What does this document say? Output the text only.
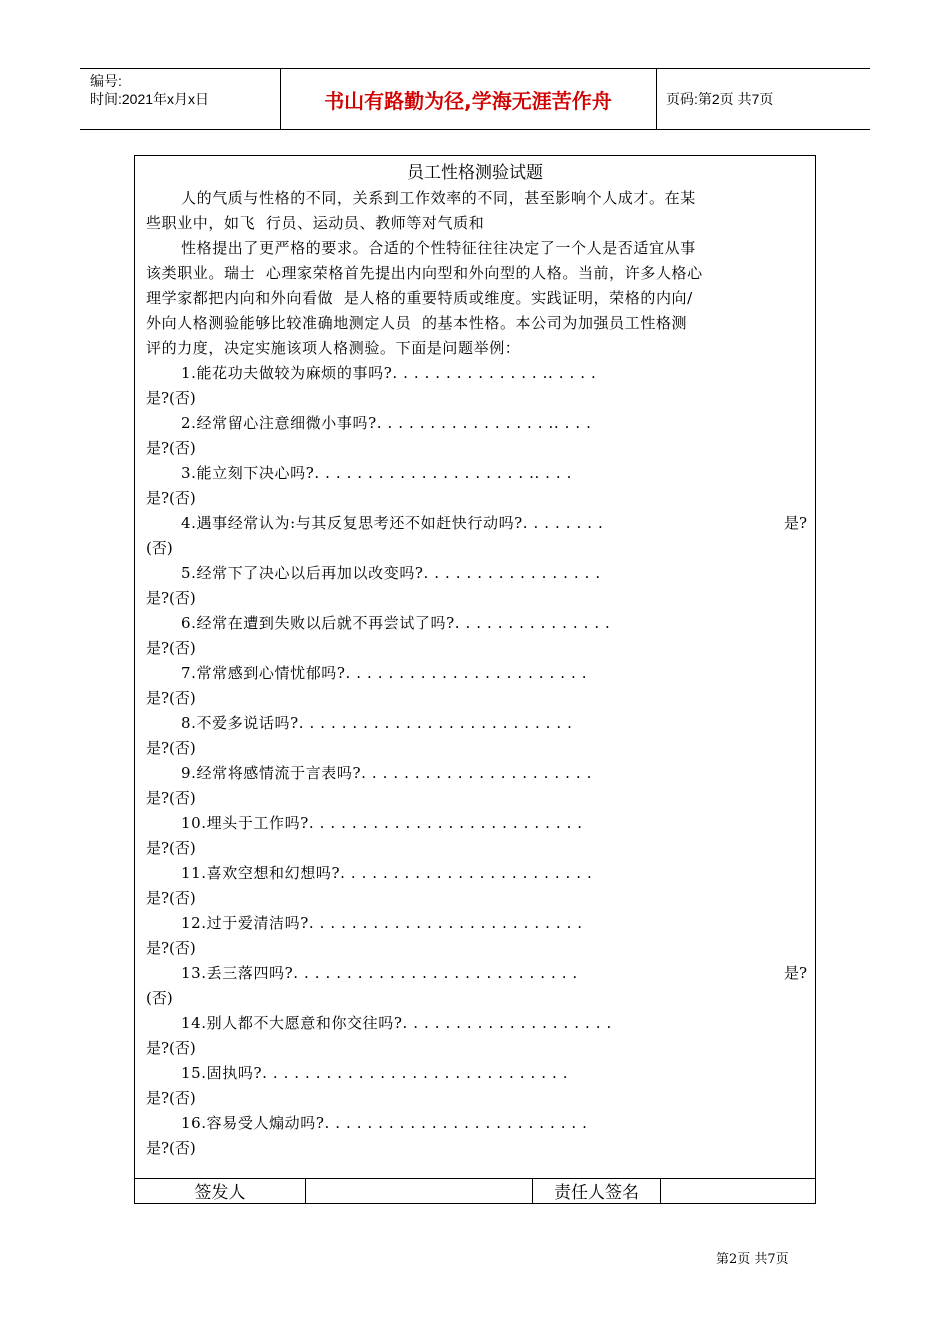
编号:
时间:2021年x月x日	书山有路勤为径,学海无涯苦作舟	页码:第2页 共7页
员工性格测验试题
人的气质与性格的不同，关系到工作效率的不同，甚至影响个人成才。在某
些职业中，如飞  行员、运动员、教师等对气质和
性格提出了更严格的要求。合适的个性特征往往决定了一个人是否适宜从事
该类职业。瑞士  心理家荣格首先提出内向型和外向型的人格。当前，许多人格心
理学家都把内向和外向看做  是人格的重要特质或维度。实践证明，荣格的内向/
外向人格测验能够比较准确地测定人员  的基本性格。本公司为加强员工性格测
评的力度，决定实施该项人格测验。下面是问题举例：
1.能花功夫做较为麻烦的事吗?. . . . . . . . . . . . . . .. . . . .
是?(否)
2.经常留心注意细微小事吗?. . . . . . . . . . . . . . . . .. . . .
是?(否)
3.能立刻下决心吗?. . . . . . . . . . . . . . . . . . . . .. . . .
是?(否)
4.遇事经常认为:与其反复思考还不如赶快行动吗?. . . . . . . .	是?
(否)
5.经常下了决心以后再加以改变吗?. . . . . . . . . . . . . . . . .
是?(否)
6.经常在遭到失败以后就不再尝试了吗?. . . . . . . . . . . . . . .
是?(否)
7.常常感到心情忧郁吗?. . . . . . . . . . . . . . . . . . . . . . .
是?(否)
8.不爱多说话吗?. . . . . . . . . . . . . . . . . . . . . . . . . .
是?(否)
9.经常将感情流于言表吗?. . . . . . . . . . . . . . . . . . . . . .
是?(否)
10.埋头于工作吗?. . . . . . . . . . . . . . . . . . . . . . . . . .
是?(否)
11.喜欢空想和幻想吗?. . . . . . . . . . . . . . . . . . . . . . . .
是?(否)
12.过于爱清洁吗?. . . . . . . . . . . . . . . . . . . . . . . . . .
是?(否)
13.丢三落四吗?. . . . . . . . . . . . . . . . . . . . . . . . . . .	是?
(否)
14.别人都不大愿意和你交往吗?. . . . . . . . . . . . . . . . . . . .
是?(否)
15.固执吗?. . . . . . . . . . . . . . . . . . . . . . . . . . . . .
是?(否)
16.容易受人煽动吗?. . . . . . . . . . . . . . . . . . . . . . . . .
是?(否)
签发人	责任人签名
第2页 共7页
